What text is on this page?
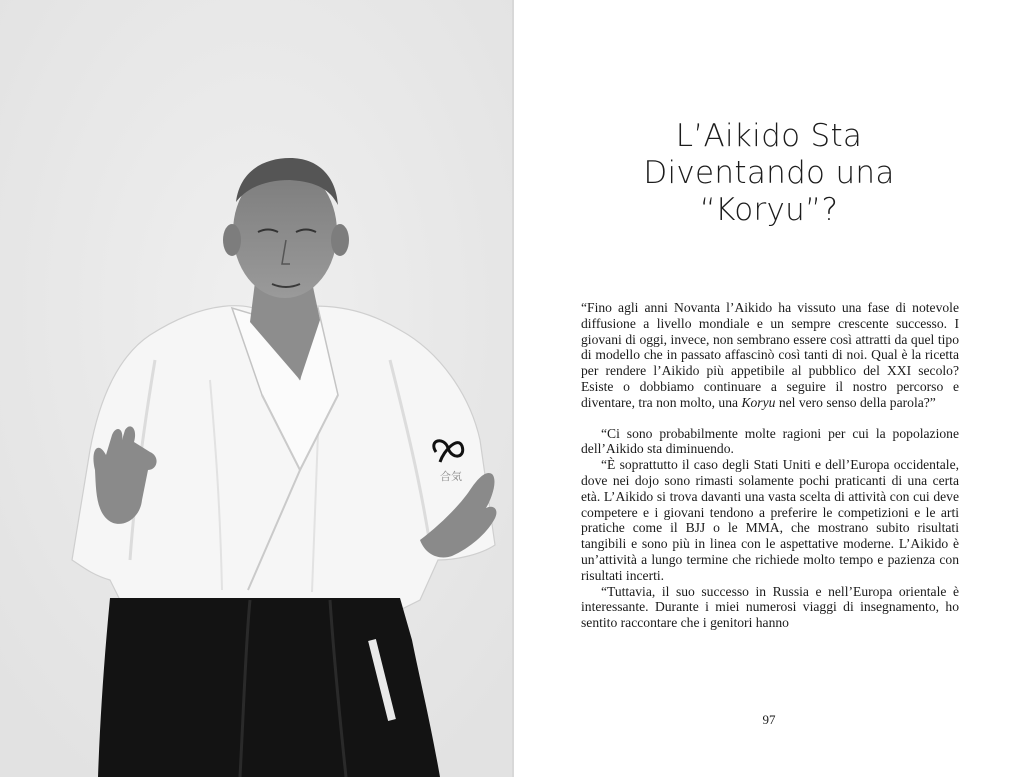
合気
L’Aikido Sta
Diventando una
“Koryu”?

“Fino agli anni Novanta l’Aikido ha vissuto una fase di notevole diffusione a livello mondiale e un sempre crescente successo. I giovani di oggi, invece, non sembrano essere così attratti da quel tipo di modello che in passato affascinò così tanti di noi. Qual è la ricetta per rendere l’Aikido più appetibile al pubblico del XXI secolo? Esiste o dobbiamo continuare a seguire il nostro percorso e diventare, tra non molto, una Koryu nel vero senso della parola?”

“Ci sono probabilmente molte ragioni per cui la popolazione dell’Aikido sta diminuendo.

“È soprattutto il caso degli Stati Uniti e dell’Europa occidentale, dove nei dojo sono rimasti solamente pochi praticanti di una certa età. L’Aikido si trova davanti una vasta scelta di attività con cui deve competere e i giovani tendono a preferire le competizioni e le arti pratiche come il BJJ o le MMA, che mostrano subito risultati tangibili e sono più in linea con le aspettative moderne. L’Aikido è un’attività a lungo termine che richiede molto tempo e pazienza con risultati incerti.

“Tuttavia, il suo successo in Russia e nell’Europa orientale è interessante. Durante i miei numerosi viaggi di insegnamento, ho sentito raccontare che i genitori hanno

97
